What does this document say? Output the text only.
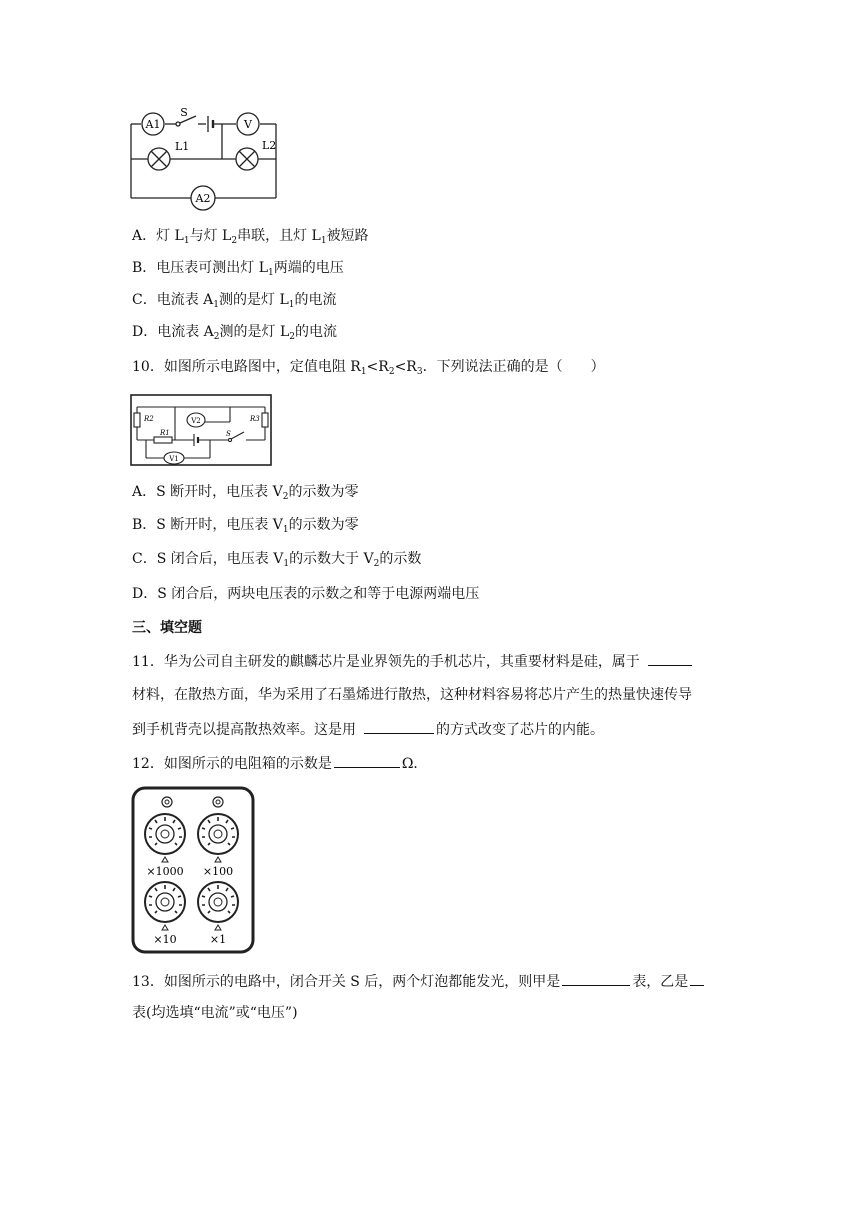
A1
S
V
L1	L2
A2
A．灯 $L_1$与灯 $L_2$串联，且灯 $L_1$被短路
B．电压表可测出灯 $L_1$两端的电压
C．电流表 $A_1$测的是灯 $L_1$的电流
D．电流表 $A_2$测的是灯 $L_2$的电流
10．如图所示电路图中，定值电阻 $R_1<R_2<R_3$．下列说法正确的是（　　）
R2
R1
R3
V2
V1
S
A．S 断开时，电压表 $V_2$的示数为零
B．S 断开时，电压表 $V_1$的示数为零
C．S 闭合后，电压表 $V_1$的示数大于 $V_2$的示数
D．S 闭合后，两块电压表的示数之和等于电源两端电压
三、填空题
11．华为公司自主研发的麒麟芯片是业界领先的手机芯片，其重要材料是硅，属于
材料，在散热方面，华为采用了石墨烯进行散热，这种材料容易将芯片产生的热量快速传导
到手机背壳以提高散热效率。这是用	的方式改变了芯片的内能。
12．如图所示的电阻箱的示数是	Ω．
×1000 ×100
×10	×1
13．如图所示的电路中，闭合开关 S 后，两个灯泡都能发光，则甲是	表，乙是
表(均选填“电流”或“电压”)
